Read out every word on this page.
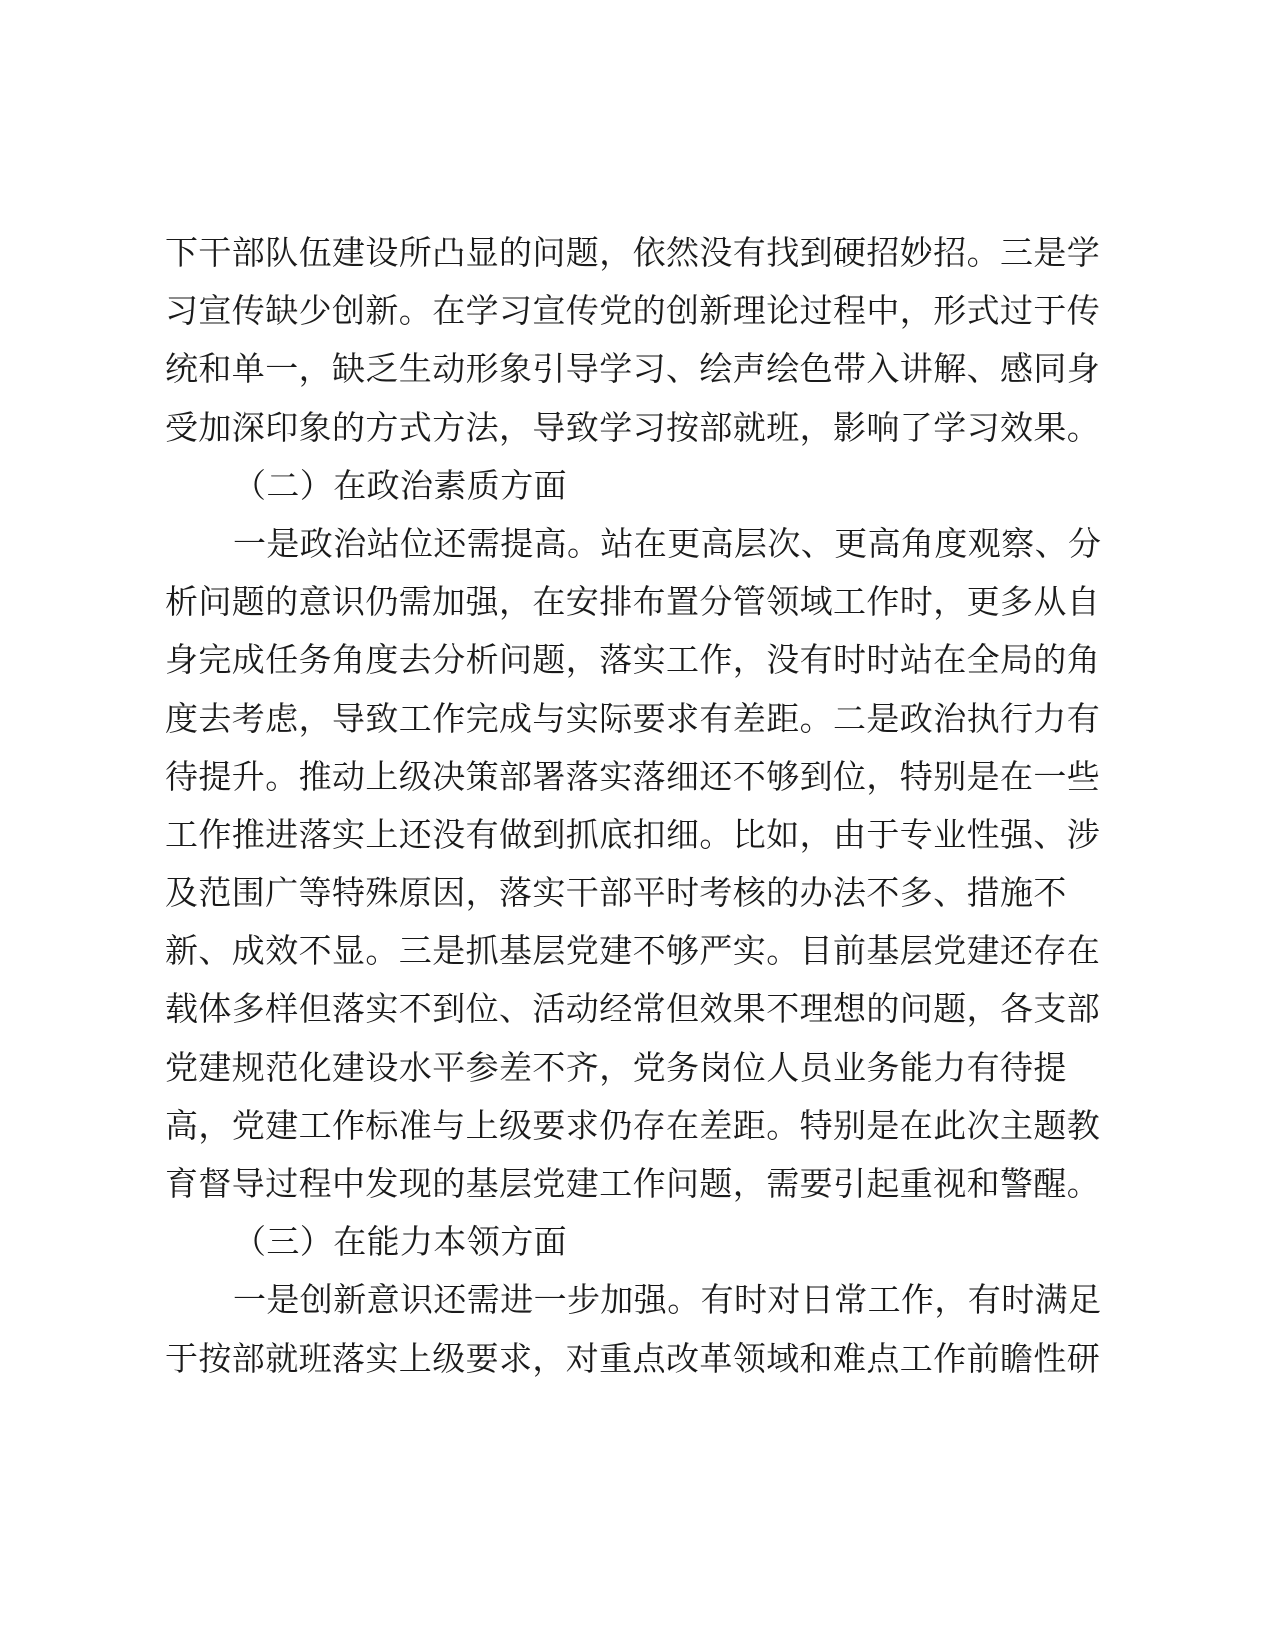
下干部队伍建设所凸显的问题，依然没有找到硬招妙招。三是学
习宣传缺少创新。在学习宣传党的创新理论过程中，形式过于传
统和单一，缺乏生动形象引导学习、绘声绘色带入讲解、感同身
受加深印象的方式方法，导致学习按部就班，影响了学习效果。
（二）在政治素质方面
一是政治站位还需提高。站在更高层次、更高角度观察、分
析问题的意识仍需加强，在安排布置分管领域工作时，更多从自
身完成任务角度去分析问题，落实工作，没有时时站在全局的角
度去考虑，导致工作完成与实际要求有差距。二是政治执行力有
待提升。推动上级决策部署落实落细还不够到位，特别是在一些
工作推进落实上还没有做到抓底扣细。比如，由于专业性强、涉
及范围广等特殊原因，落实干部平时考核的办法不多、措施不
新、成效不显。三是抓基层党建不够严实。目前基层党建还存在
载体多样但落实不到位、活动经常但效果不理想的问题，各支部
党建规范化建设水平参差不齐，党务岗位人员业务能力有待提
高，党建工作标准与上级要求仍存在差距。特别是在此次主题教
育督导过程中发现的基层党建工作问题，需要引起重视和警醒。
（三）在能力本领方面
一是创新意识还需进一步加强。有时对日常工作，有时满足
于按部就班落实上级要求，对重点改革领域和难点工作前瞻性研
